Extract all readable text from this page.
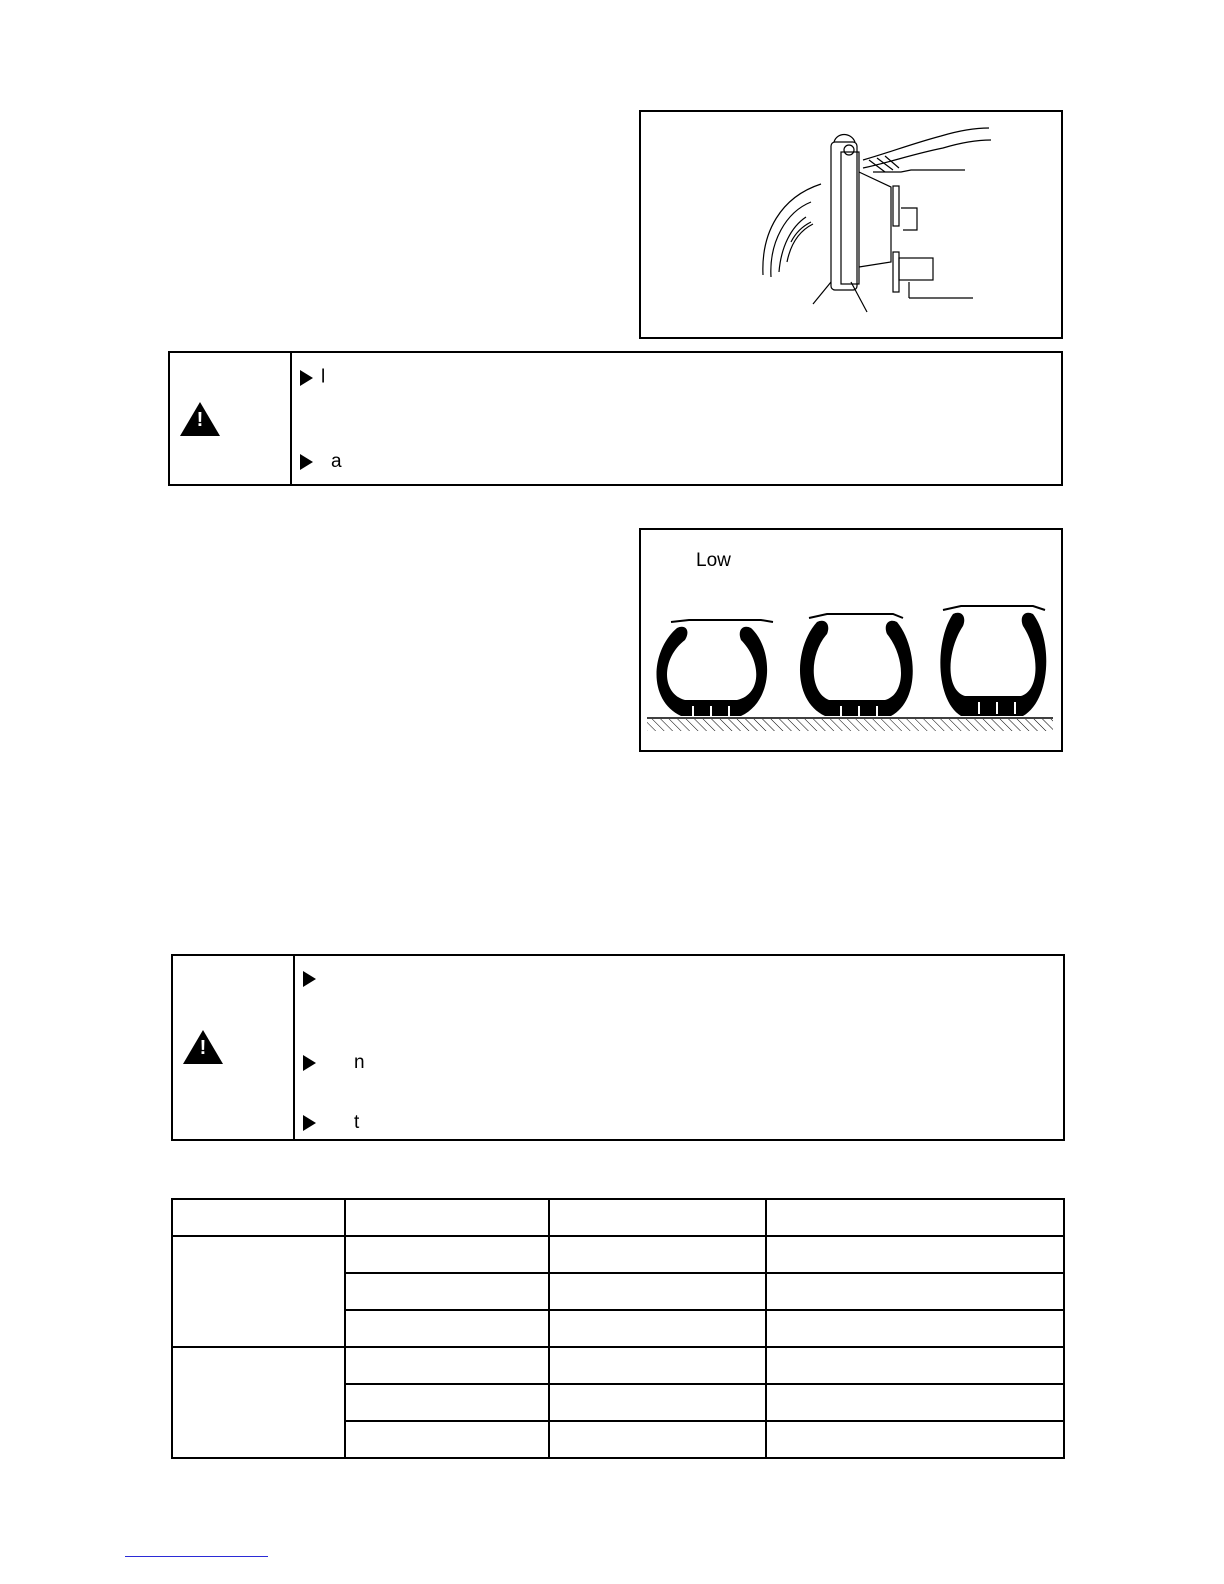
!
l
a
Low
!
n
t
